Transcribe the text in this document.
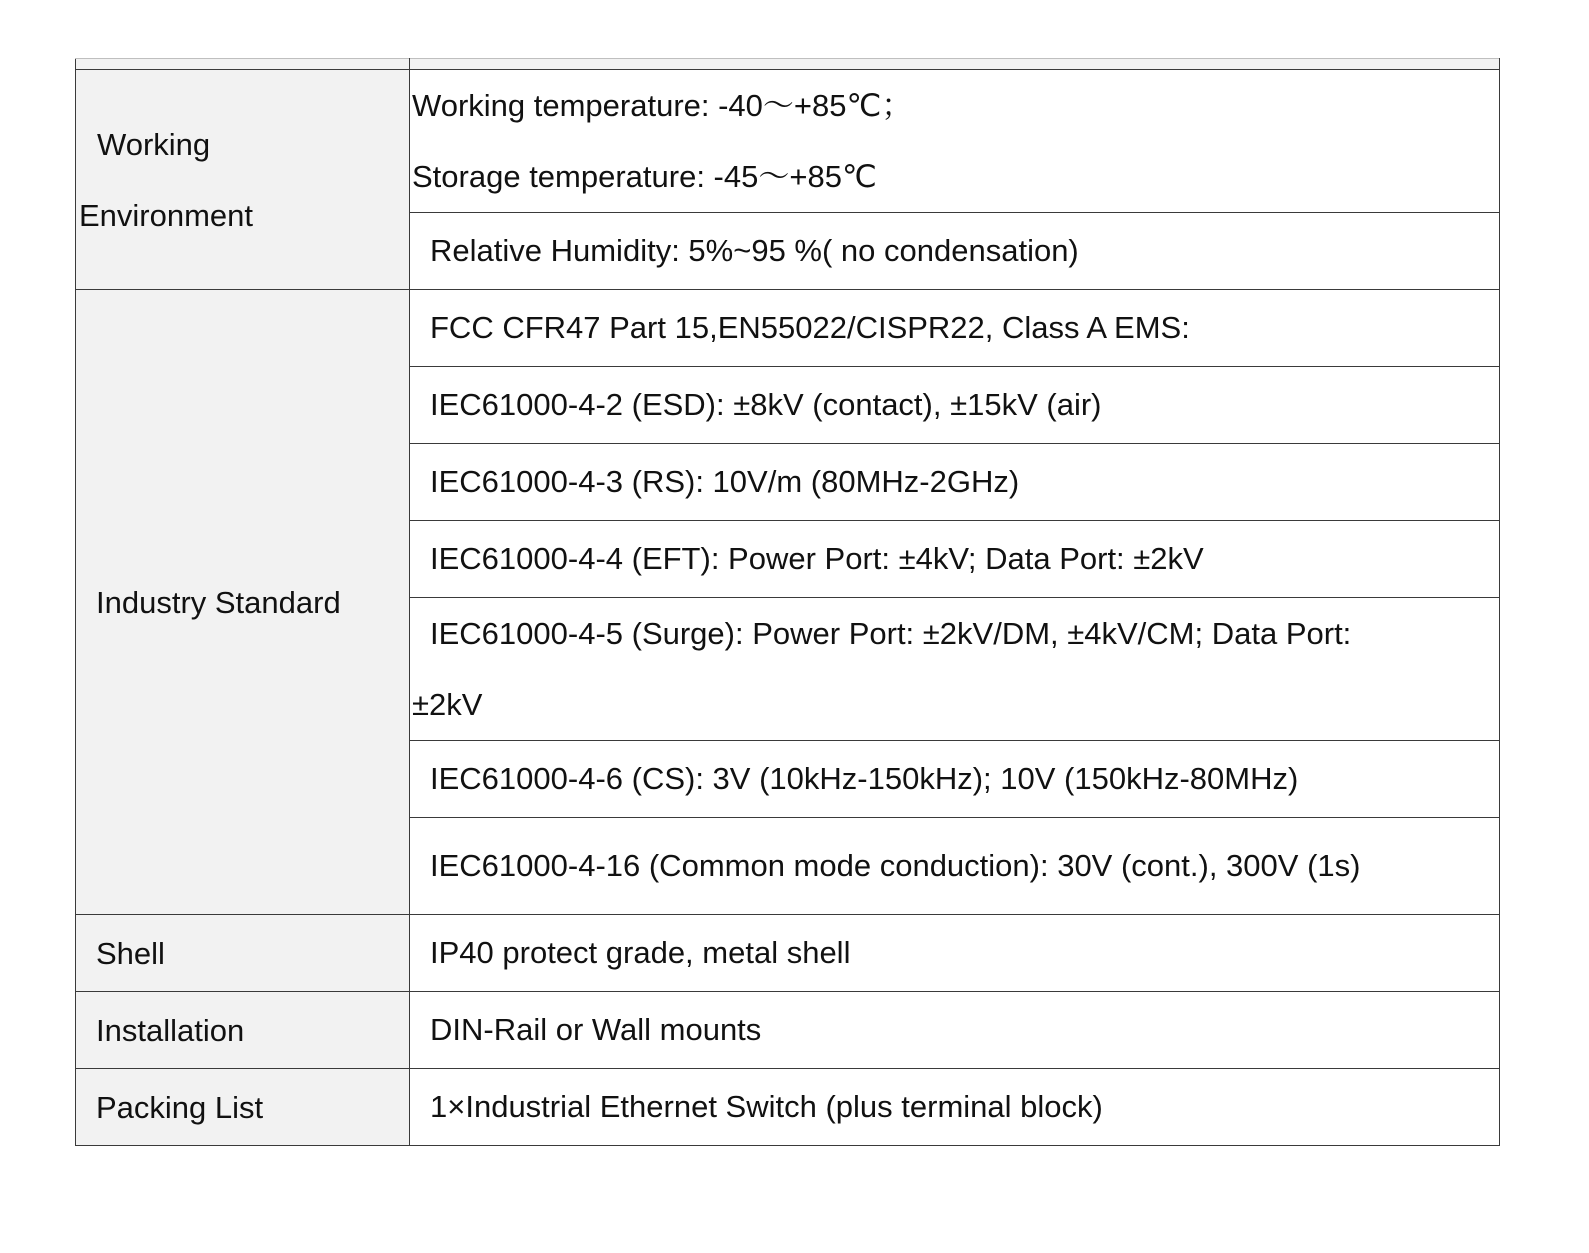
Working
Environment	Working temperature: -40～+85℃；
Storage temperature: -45～+85℃

	Relative Humidity: 5%~95 %( no condensation)
Industry Standard	FCC CFR47 Part 15,EN55022/CISPR22, Class A EMS:
	IEC61000-4-2 (ESD): ±8kV (contact), ±15kV (air)
	IEC61000-4-3 (RS): 10V/m (80MHz-2GHz)
	IEC61000-4-4 (EFT): Power Port: ±4kV; Data Port: ±2kV

	IEC61000-4-5 (Surge): Power Port: ±2kV/DM, ±4kV/CM; Data Port:
±2kV

	IEC61000-4-6 (CS): 3V (10kHz-150kHz); 10V (150kHz-80MHz)
	IEC61000-4-16 (Common mode conduction): 30V (cont.), 300V (1s)
Shell	IP40 protect grade, metal shell
Installation	DIN-Rail or Wall mounts
Packing List	1×Industrial Ethernet Switch (plus terminal block)
